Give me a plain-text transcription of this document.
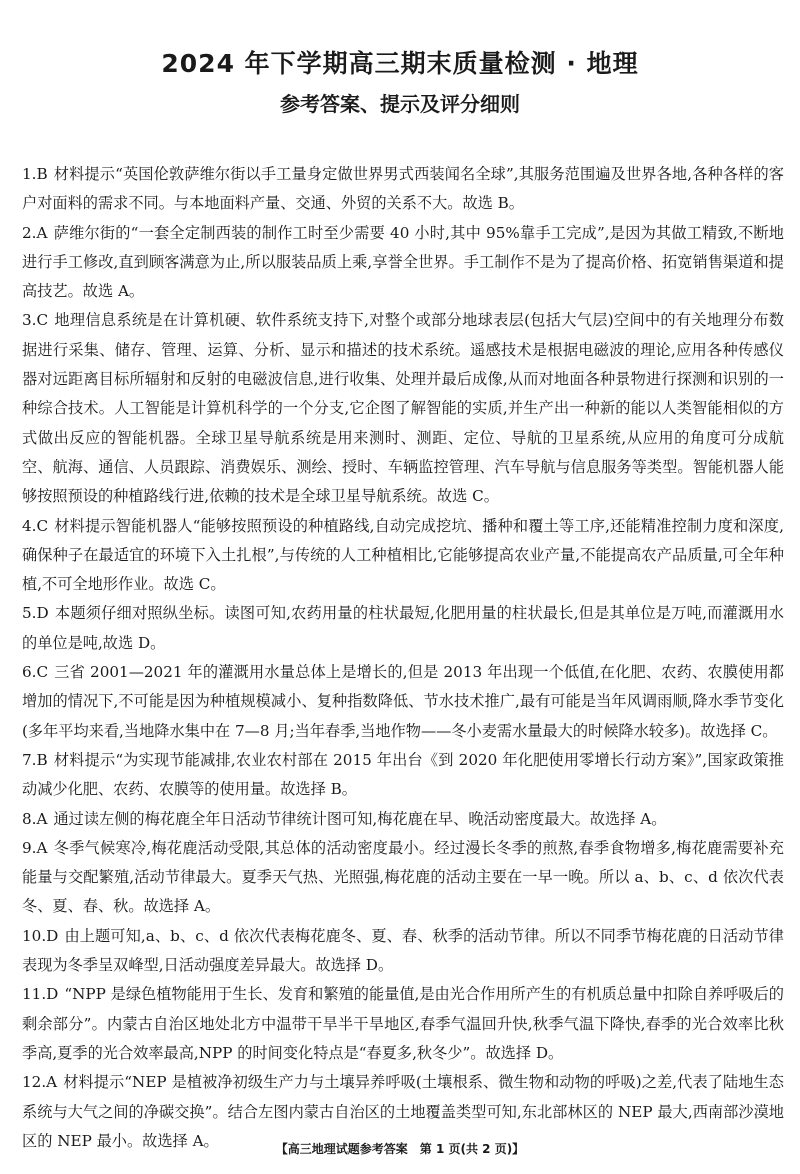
2024 年下学期高三期末质量检测 · 地理
参考答案、提示及评分细则

1.B 材料提示“英国伦敦萨维尔街以手工量身定做世界男式西装闻名全球”,其服务范围遍及世界各地,各种各样的客户对面料的需求不同。与本地面料产量、交通、外贸的关系不大。故选 B。

2.A 萨维尔街的“一套全定制西装的制作工时至少需要 40 小时,其中 95%靠手工完成”,是因为其做工精致,不断地进行手工修改,直到顾客满意为止,所以服装品质上乘,享誉全世界。手工制作不是为了提高价格、拓宽销售渠道和提高技艺。故选 A。

3.C 地理信息系统是在计算机硬、软件系统支持下,对整个或部分地球表层(包括大气层)空间中的有关地理分布数据进行采集、储存、管理、运算、分析、显示和描述的技术系统。遥感技术是根据电磁波的理论,应用各种传感仪器对远距离目标所辐射和反射的电磁波信息,进行收集、处理并最后成像,从而对地面各种景物进行探测和识别的一种综合技术。人工智能是计算机科学的一个分支,它企图了解智能的实质,并生产出一种新的能以人类智能相似的方式做出反应的智能机器。全球卫星导航系统是用来测时、测距、定位、导航的卫星系统,从应用的角度可分成航空、航海、通信、人员跟踪、消费娱乐、测绘、授时、车辆监控管理、汽车导航与信息服务等类型。智能机器人能够按照预设的种植路线行进,依赖的技术是全球卫星导航系统。故选 C。

4.C 材料提示智能机器人“能够按照预设的种植路线,自动完成挖坑、播种和覆土等工序,还能精准控制力度和深度,确保种子在最适宜的环境下入土扎根”,与传统的人工种植相比,它能够提高农业产量,不能提高农产品质量,可全年种植,不可全地形作业。故选 C。

5.D 本题须仔细对照纵坐标。读图可知,农药用量的柱状最短,化肥用量的柱状最长,但是其单位是万吨,而灌溉用水的单位是吨,故选 D。

6.C 三省 2001—2021 年的灌溉用水量总体上是增长的,但是 2013 年出现一个低值,在化肥、农药、农膜使用都增加的情况下,不可能是因为种植规模减小、复种指数降低、节水技术推广,最有可能是当年风调雨顺,降水季节变化(多年平均来看,当地降水集中在 7—8 月;当年春季,当地作物——冬小麦需水量最大的时候降水较多)。故选择 C。

7.B 材料提示“为实现节能减排,农业农村部在 2015 年出台《到 2020 年化肥使用零增长行动方案》”,国家政策推动减少化肥、农药、农膜等的使用量。故选择 B。

8.A 通过读左侧的梅花鹿全年日活动节律统计图可知,梅花鹿在早、晚活动密度最大。故选择 A。

9.A 冬季气候寒冷,梅花鹿活动受限,其总体的活动密度最小。经过漫长冬季的煎熬,春季食物增多,梅花鹿需要补充能量与交配繁殖,活动节律最大。夏季天气热、光照强,梅花鹿的活动主要在一早一晚。所以 a、b、c、d 依次代表冬、夏、春、秋。故选择 A。

10.D 由上题可知,a、b、c、d 依次代表梅花鹿冬、夏、春、秋季的活动节律。所以不同季节梅花鹿的日活动节律表现为冬季呈双峰型,日活动强度差异最大。故选择 D。

11.D “NPP 是绿色植物能用于生长、发育和繁殖的能量值,是由光合作用所产生的有机质总量中扣除自养呼吸后的剩余部分”。内蒙古自治区地处北方中温带干旱半干旱地区,春季气温回升快,秋季气温下降快,春季的光合效率比秋季高,夏季的光合效率最高,NPP 的时间变化特点是“春夏多,秋冬少”。故选择 D。

12.A 材料提示“NEP 是植被净初级生产力与土壤异养呼吸(土壤根系、微生物和动物的呼吸)之差,代表了陆地生态系统与大气之间的净碳交换”。结合左图内蒙古自治区的土地覆盖类型可知,东北部林区的 NEP 最大,西南部沙漠地区的 NEP 最小。故选择 A。	【高三地理试题参考答案　第 1 页(共 2 页)】
